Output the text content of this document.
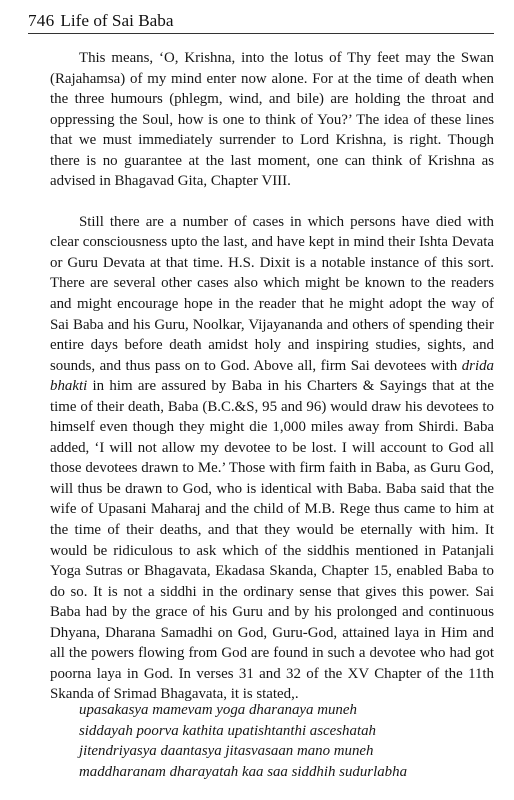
746 Life of Sai Baba

This means, ‘O, Krishna, into the lotus of Thy feet may the Swan (Rajahamsa) of my mind enter now alone. For at the time of death when the three humours (phlegm, wind, and bile) are holding the throat and oppressing the Soul, how is one to think of You?’ The idea of these lines that we must immediately surrender to Lord Krishna, is right. Though there is no guarantee at the last moment, one can think of Krishna as advised in Bhagavad Gita, Chapter VIII.

Still there are a number of cases in which persons have died with clear consciousness upto the last, and have kept in mind their Ishta Devata or Guru Devata at that time. H.S. Dixit is a notable instance of this sort. There are several other cases also which might be known to the readers and might encourage hope in the reader that he might adopt the way of Sai Baba and his Guru, Noolkar, Vijayananda and others of spending their entire days before death amidst holy and inspiring studies, sights, and sounds, and thus pass on to God. Above all, firm Sai devotees with drida bhakti in him are assured by Baba in his Charters & Sayings that at the time of their death, Baba (B.C.&S, 95 and 96) would draw his devotees to himself even though they might die 1,000 miles away from Shirdi. Baba added, ‘I will not allow my devotee to be lost. I will account to God all those devotees drawn to Me.’ Those with firm faith in Baba, as Guru God, will thus be drawn to God, who is identical with Baba. Baba said that the wife of Upasani Maharaj and the child of M.B. Rege thus came to him at the time of their deaths, and that they would be eternally with him. It would be ridiculous to ask which of the siddhis mentioned in Patanjali Yoga Sutras or Bhagavata, Ekadasa Skanda, Chapter 15, enabled Baba to do so. It is not a siddhi in the ordinary sense that gives this power. Sai Baba had by the grace of his Guru and by his prolonged and continuous Dhyana, Dharana Samadhi on God, Guru-God, attained laya in Him and all the powers flowing from God are found in such a devotee who had got poorna laya in God. In verses 31 and 32 of the XV Chapter of the 11th Skanda of Srimad Bhagavata, it is stated,.

upasakasya mamevam yoga dharanaya muneh
siddayah poorva kathita upatishtanthi asceshatah
jitendriyasya daantasya jitasvasaan mano muneh
maddharanam dharayatah kaa saa siddhih sudurlabha
